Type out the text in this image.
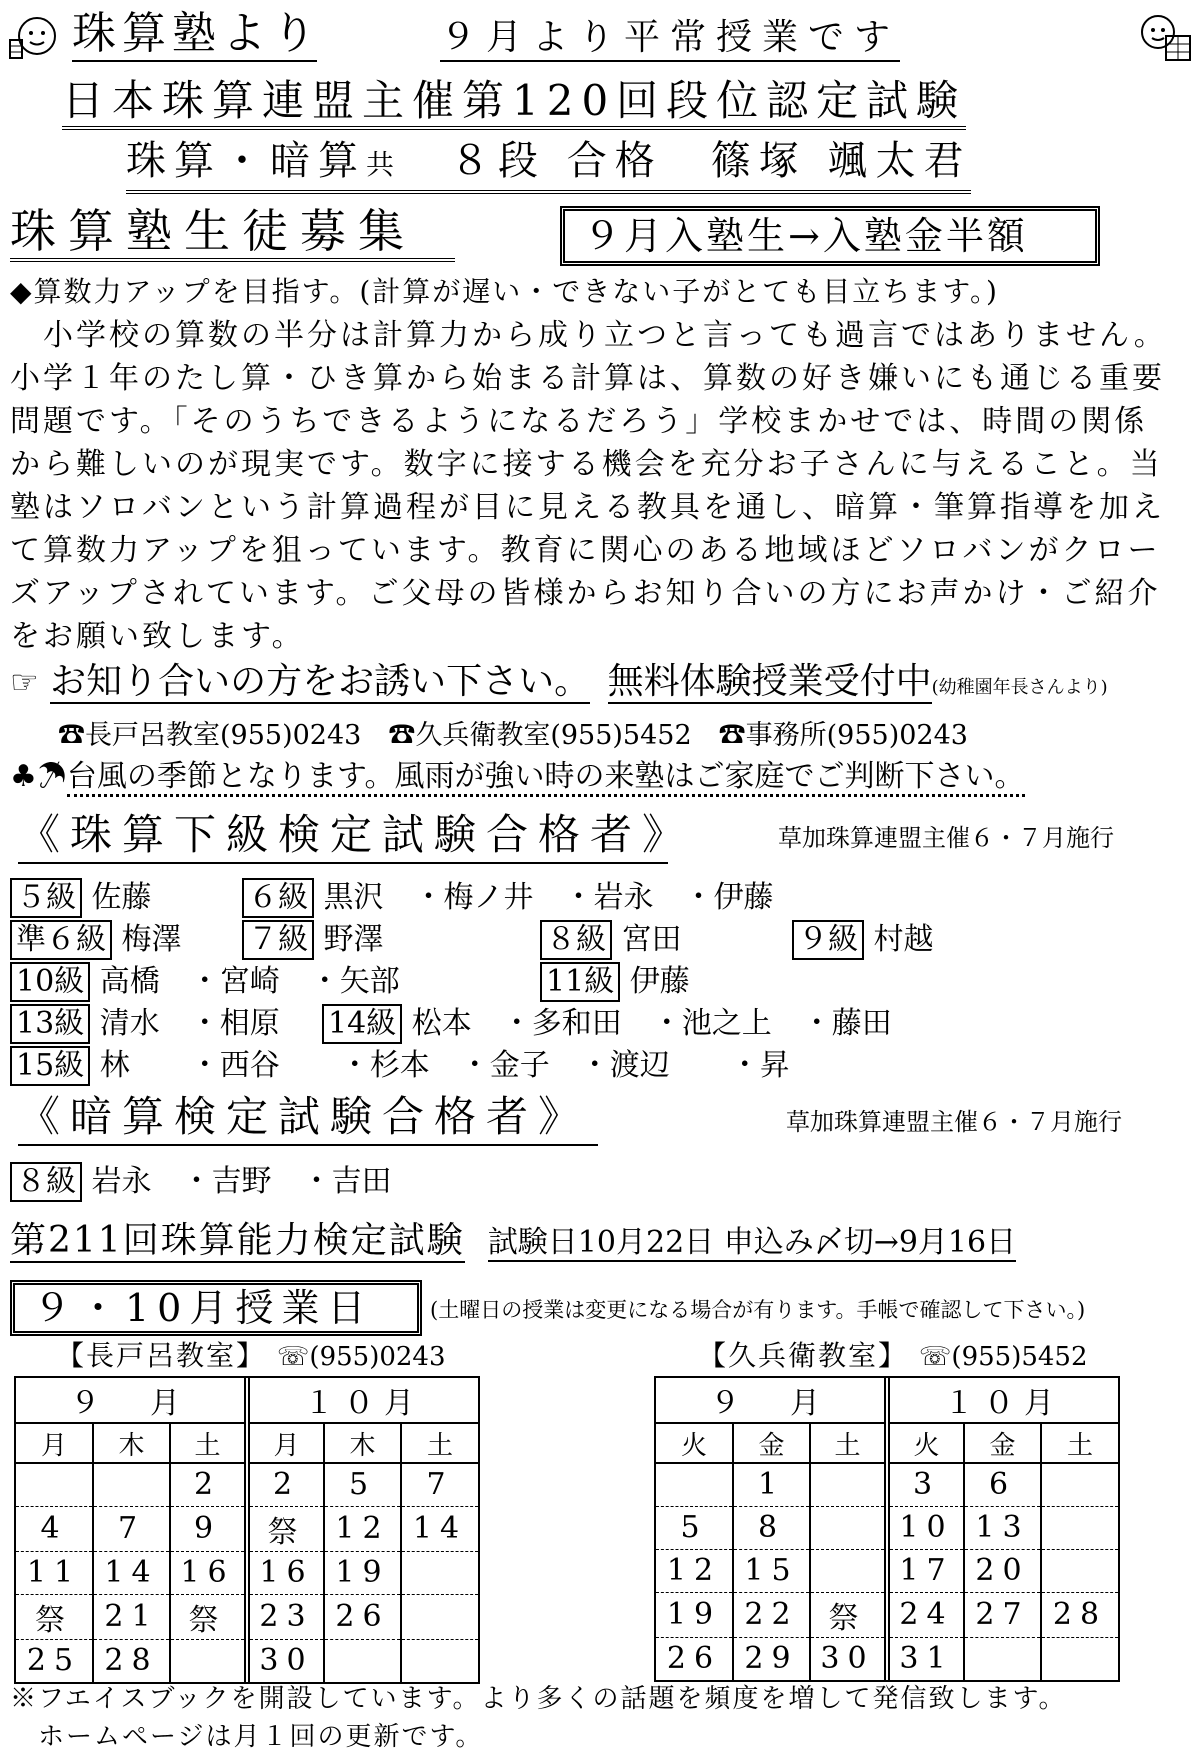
珠算塾より	９月より平常授業です
日本珠算連盟主催第120回段位認定試験
珠算・暗算共　 ８段 合格　篠塚 颯太君
珠算塾生徒募集	９月入塾生→入塾金半額
◆算数力アップを目指す。(計算が遅い・できない子がとても目立ちます。)
　小学校の算数の半分は計算力から成り立つと言っても過言ではありません。
小学１年のたし算・ひき算から始まる計算は、算数の好き嫌いにも通じる重要
問題です。「そのうちできるようになるだろう」学校まかせでは、時間の関係
から難しいのが現実です。数字に接する機会を充分お子さんに与えること。当
塾はソロバンという計算過程が目に見える教具を通し、暗算・筆算指導を加え
て算数力アップを狙っています。教育に関心のある地域ほどソロバンがクロー
ズアップされています。ご父母の皆様からお知り合いの方にお声かけ・ご紹介
をお願い致します。
☞ お知り合いの方をお誘い下さい。 無料体験授業受付中(幼稚園年長さんより)
☎長戸呂教室(955)0243　☎久兵衛教室(955)5452　☎事務所(955)0243
♣☂台風の季節となります。風雨が強い時の来塾はご家庭でご判断下さい。
《珠算下級検定試験合格者》	草加珠算連盟主催６・７月施行
５級 佐藤	６級 黒沢　・梅ノ井　・岩永　・伊藤
準６級 梅澤 ７級 野澤	８級 宮田	９級 村越
10級 高橋　・宮崎　・矢部	11級 伊藤
13級 清水　・相原 14級 松本　・多和田　・池之上　・藤田
15級 林　　・西谷　　・杉本　・金子　・渡辺　　・昇
《暗算検定試験合格者》	草加珠算連盟主催６・７月施行
８級 岩永　・吉野　・吉田
第211回珠算能力検定試験 試験日10月22日 申込み〆切→9月16日
９・10月授業日	(土曜日の授業は変更になる場合が有ります。手帳で確認して下さい。)
【長戸呂教室】 ☏(955)0243	【久兵衛教室】 ☏(955)5452
９　月			１０月		
月	木	土	月	木	土
		2	2	5	7
4	7	9	祭	12	14
11	14	16	16	19	
祭	21	祭	23	26	
25	28		30		
９　月			１０月		
火	金	土	火	金	土
	1		3	6	
5	8		10	13	
12	15		17	20	
19	22	祭	24	27	28
26	29	30	31		
※フエイスブックを開設しています。より多くの話題を頻度を増して発信致します。
　ホームページは月１回の更新です。
